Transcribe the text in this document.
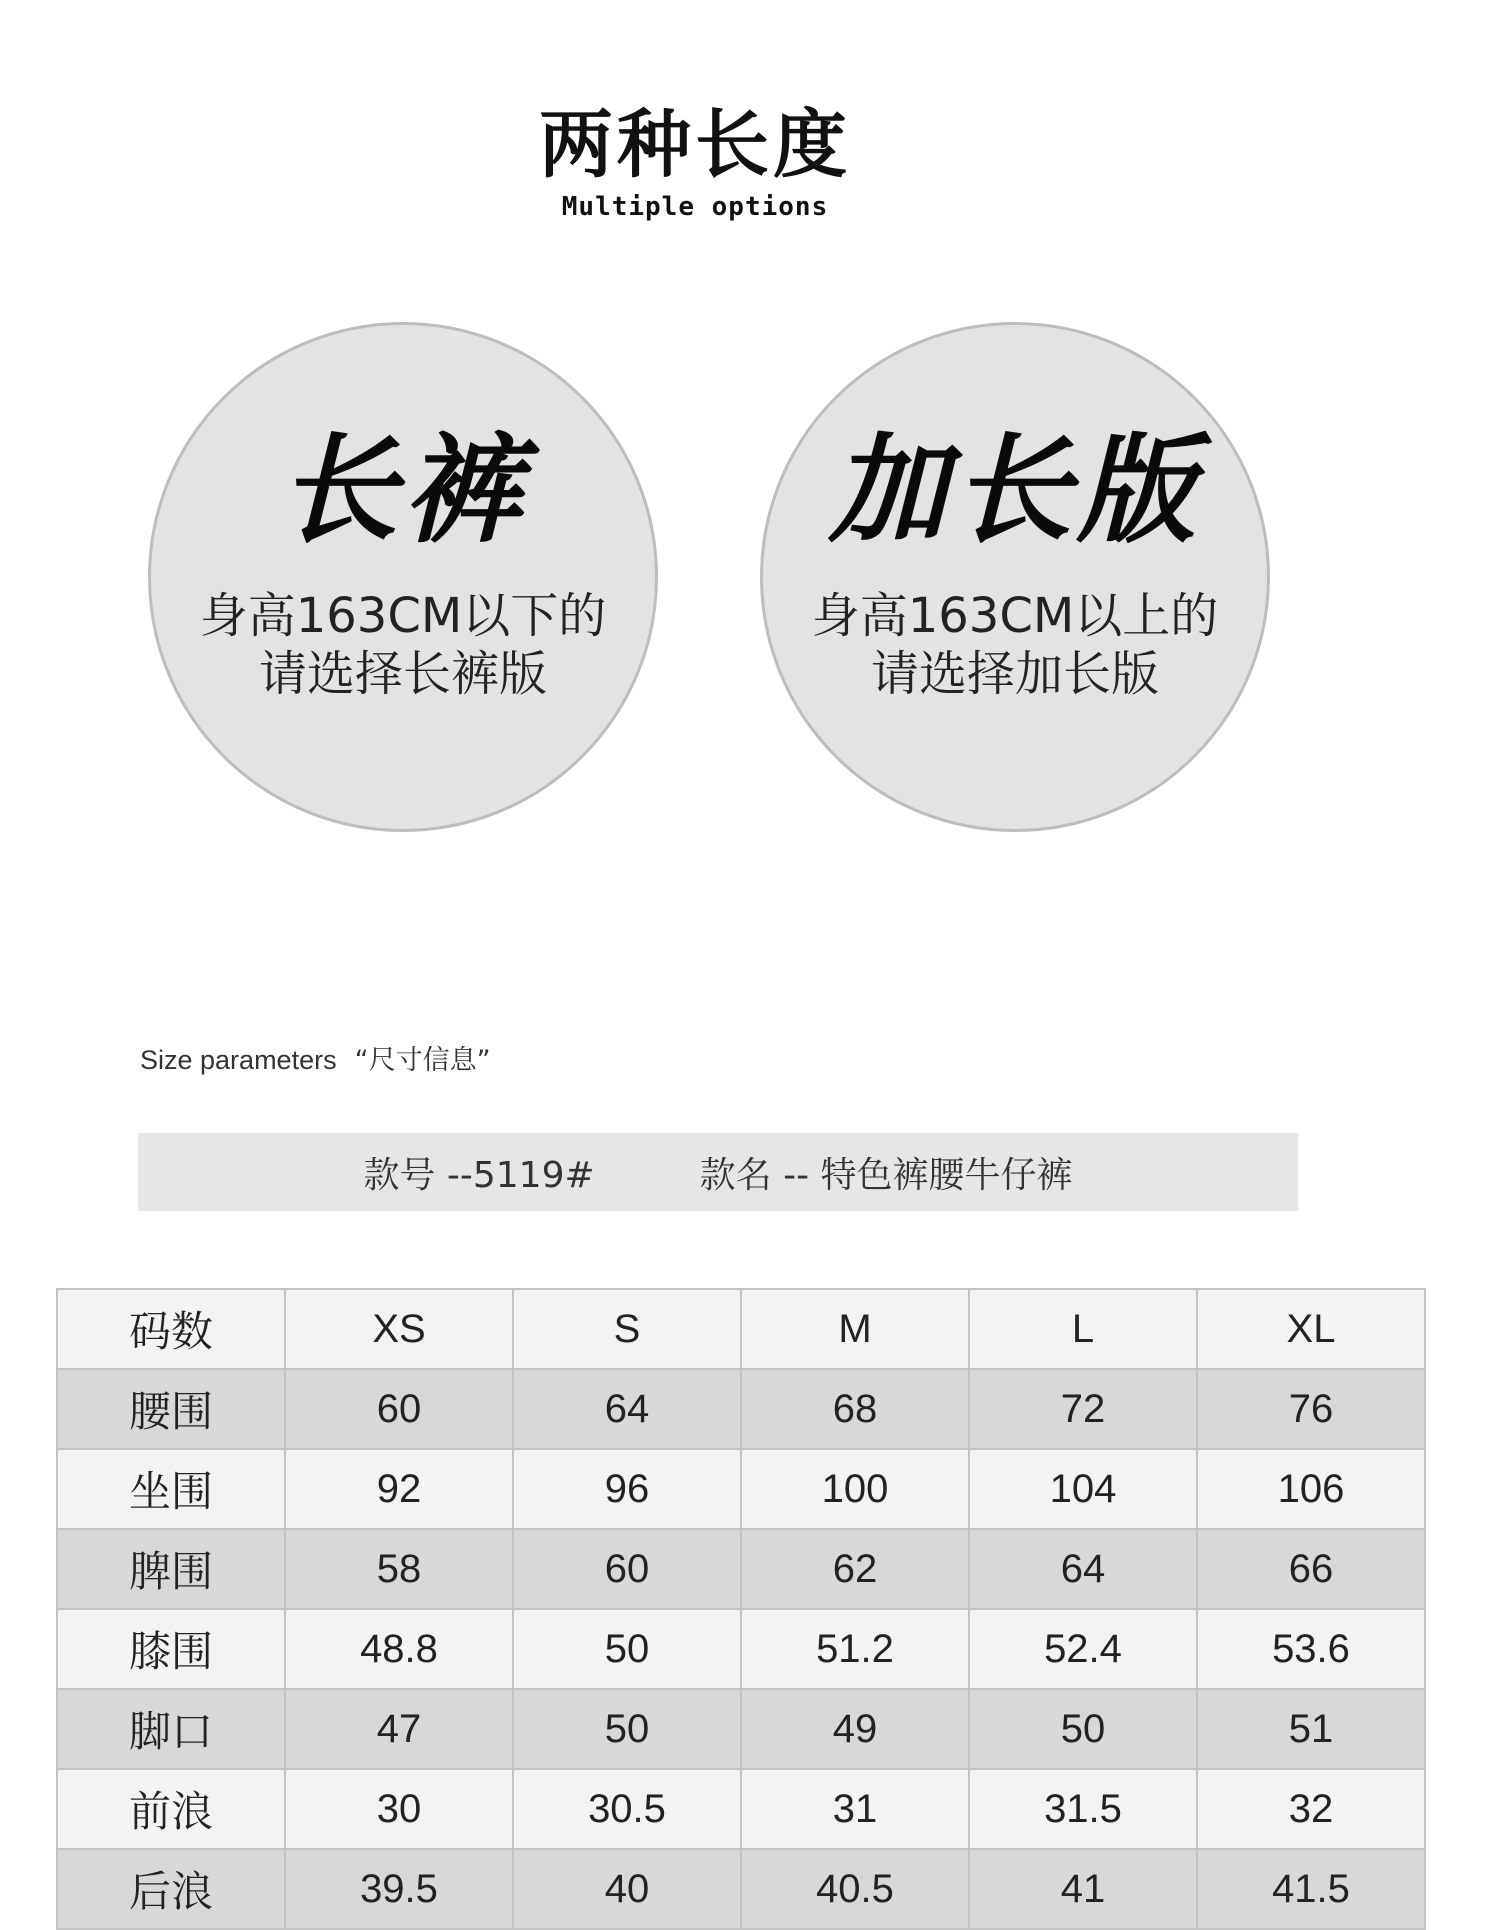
两种长度
Multiple options
长裤
身高163CM以下的
请选择长裤版
加长版
身高163CM以上的
请选择加长版
Size parameters “尺寸信息”
款号 --5119#	款名 -- 特色裤腰牛仔裤
码数	XS	S	M	L	XL
腰围	60	64	68	72	76
坐围	92	96	100	104	106
脾围	58	60	62	64	66
膝围	48.8	50	51.2	52.4	53.6
脚口	47	50	49	50	51
前浪	30	30.5	31	31.5	32
后浪	39.5	40	40.5	41	41.5
